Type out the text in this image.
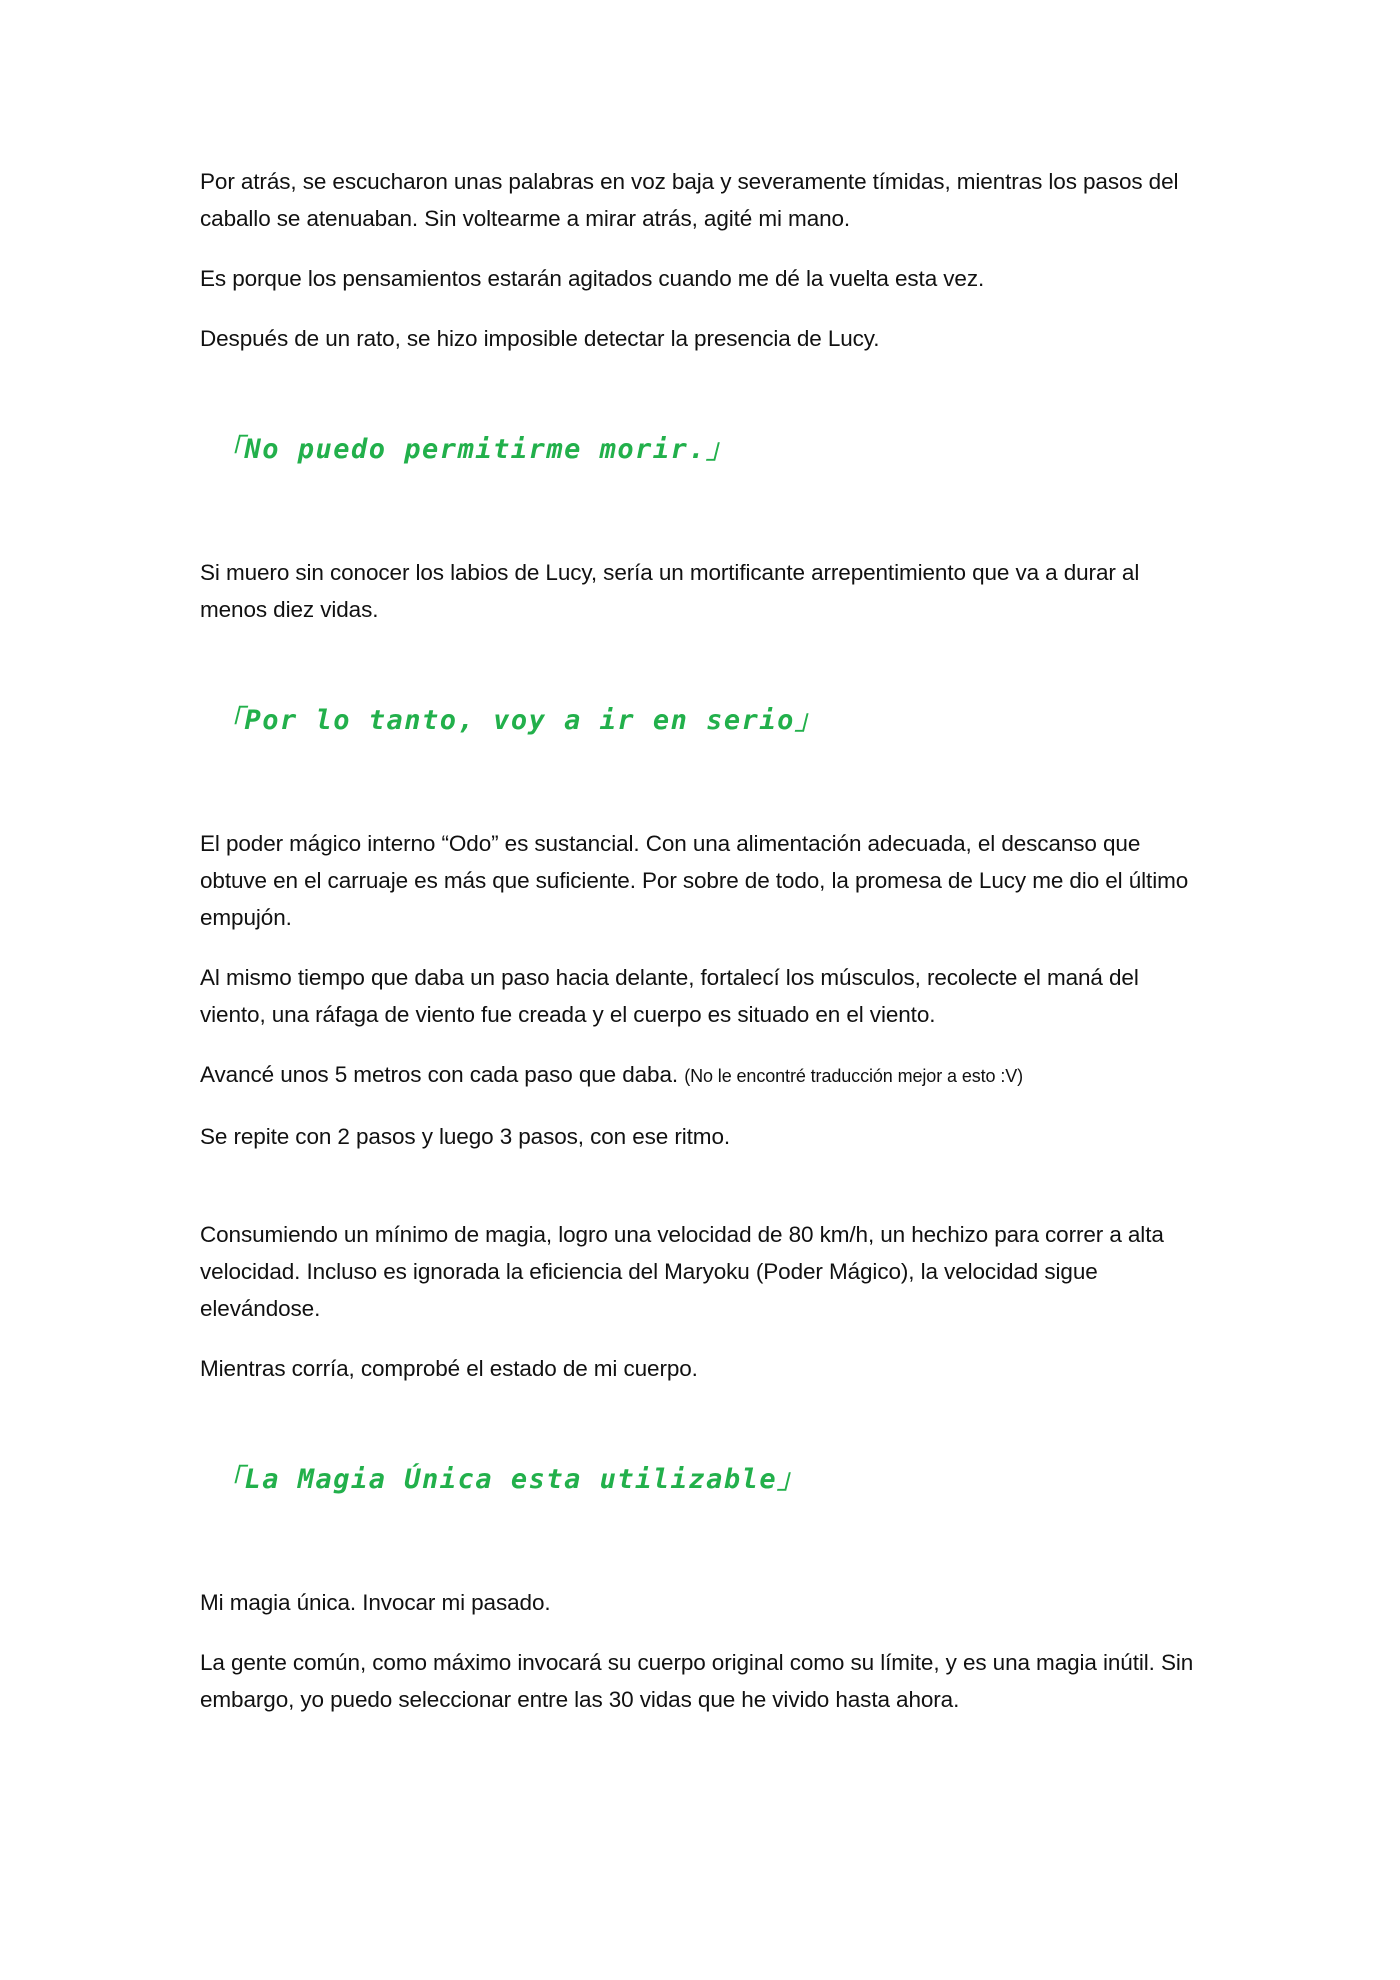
Por atrás, se escucharon unas palabras en voz baja y severamente tímidas, mientras los pasos del caballo se atenuaban. Sin voltearme a mirar atrás, agité mi mano.

Es porque los pensamientos estarán agitados cuando me dé la vuelta esta vez.

Después de un rato, se hizo imposible detectar la presencia de Lucy.

「No puedo permitirme morir.」

Si muero sin conocer los labios de Lucy, sería un mortificante arrepentimiento que va a durar al menos diez vidas.

「Por lo tanto, voy a ir en serio」

El poder mágico interno “Odo” es sustancial. Con una alimentación adecuada, el descanso que obtuve en el carruaje es más que suficiente. Por sobre de todo, la promesa de Lucy me dio el último empujón.

Al mismo tiempo que daba un paso hacia delante, fortalecí los músculos, recolecte el maná del viento, una ráfaga de viento fue creada y el cuerpo es situado en el viento.

Avancé unos 5 metros con cada paso que daba. (No le encontré traducción mejor a esto :V)

Se repite con 2 pasos y luego 3 pasos, con ese ritmo.

Consumiendo un mínimo de magia, logro una velocidad de 80 km/h, un hechizo para correr a alta velocidad. Incluso es ignorada la eficiencia del Maryoku (Poder Mágico), la velocidad sigue elevándose.

Mientras corría, comprobé el estado de mi cuerpo.

「La Magia Única esta utilizable」

Mi magia única. Invocar mi pasado.

La gente común, como máximo invocará su cuerpo original como su límite, y es una magia inútil. Sin embargo, yo puedo seleccionar entre las 30 vidas que he vivido hasta ahora.
